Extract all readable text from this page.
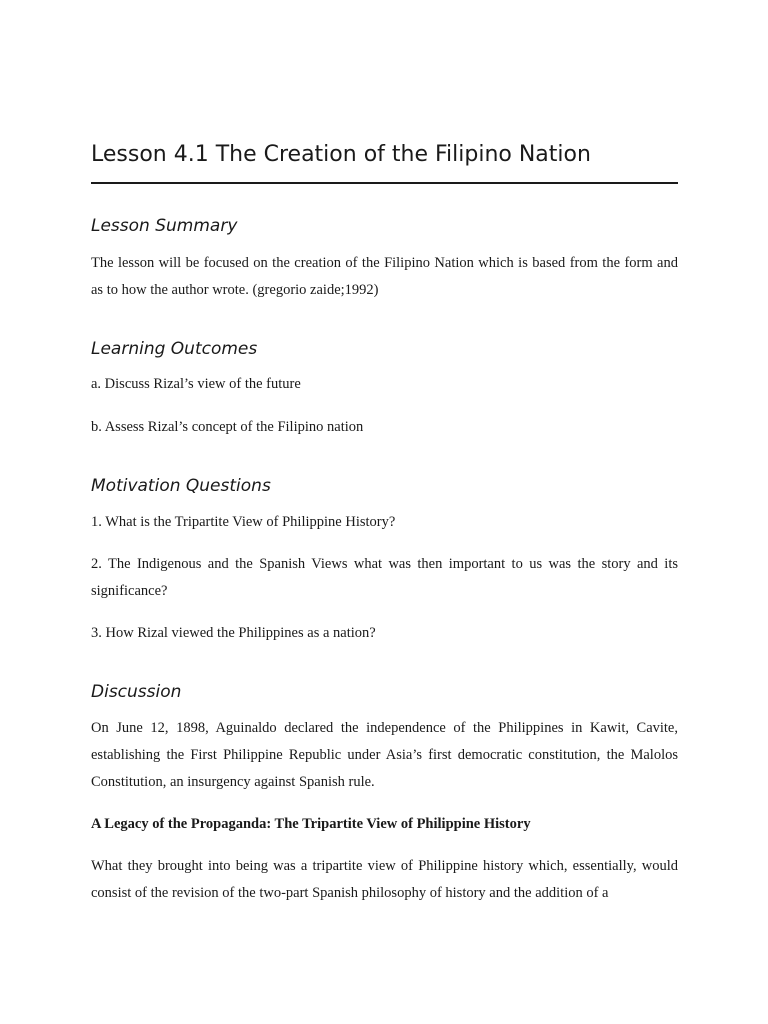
Lesson 4.1 The Creation of the Filipino Nation
Lesson Summary

The lesson will be focused on the creation of the Filipino Nation which is based from the form and as to how the author wrote. (gregorio zaide;1992)

Learning Outcomes

a. Discuss Rizal’s view of the future

b. Assess Rizal’s concept of the Filipino nation

Motivation Questions

1. What is the Tripartite View of Philippine History?

2. The Indigenous and the Spanish Views what was then important to us was the story and its significance?

3. How Rizal viewed the Philippines as a nation?

Discussion

On June 12, 1898, Aguinaldo declared the independence of the Philippines in Kawit, Cavite, establishing the First Philippine Republic under Asia’s first democratic constitution, the Malolos Constitution, an insurgency against Spanish rule.

A Legacy of the Propaganda: The Tripartite View of Philippine History

What they brought into being was a tripartite view of Philippine history which, essentially, would consist of the revision of the two-part Spanish philosophy of history and the addition of a
